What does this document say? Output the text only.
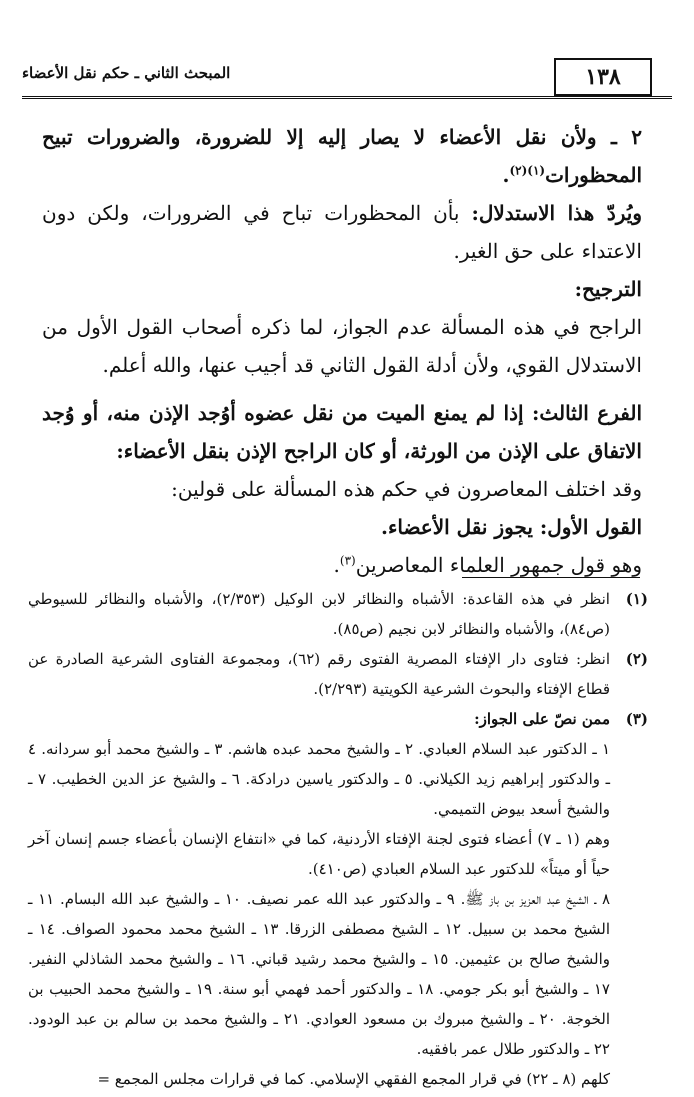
المبحث الثاني ـ حكم نقل الأعضاء	١٣٨

٢ ـ ولأن نقل الأعضاء لا يصار إليه إلا للضرورة، والضرورات تبيح المحظورات$^{(١)(٢)}$.

ويُردّ هذا الاستدلال: بأن المحظورات تباح في الضرورات، ولكن دون الاعتداء على حق الغير.

الترجيح:

الراجح في هذه المسألة عدم الجواز، لما ذكره أصحاب القول الأول من الاستدلال القوي، ولأن أدلة القول الثاني قد أجيب عنها، والله أعلم.

الفرع الثالث: إذا لم يمنع الميت من نقل عضوه أوُجد الإذن منه، أو وُجد الاتفاق على الإذن من الورثة، أو كان الراجح الإذن بنقل الأعضاء:

وقد اختلف المعاصرون في حكم هذه المسألة على قولين:

القول الأول: يجوز نقل الأعضاء.

وهو قول جمهور العلماء المعاصرين$^{(٣)}$.

(١)

انظر في هذه القاعدة: الأشباه والنظائر لابن الوكيل (٢/٣٥٣)، والأشباه والنظائر للسيوطي (ص٨٤)، والأشباه والنظائر لابن نجيم (ص٨٥).

(٢)

انظر: فتاوى دار الإفتاء المصرية الفتوى رقم (٦٢)، ومجموعة الفتاوى الشرعية الصادرة عن قطاع الإفتاء والبحوث الشرعية الكويتية (٢/٢٩٣).

(٣)

ممن نصّ على الجواز:

١ ـ الدكتور عبد السلام العبادي. ٢ ـ والشيخ محمد عبده هاشم. ٣ ـ والشيخ محمد أبو سردانه. ٤ ـ والدكتور إبراهيم زيد الكيلاني. ٥ ـ والدكتور ياسين درادكة. ٦ ـ والشيخ عز الدين الخطيب. ٧ ـ والشيخ أسعد بيوض التميمي.

وهم (١ ـ ٧) أعضاء فتوى لجنة الإفتاء الأردنية، كما في «انتفاع الإنسان بأعضاء جسم إنسان آخر حياً أو ميتاً» للدكتور عبد السلام العبادي (ص٤١٠).

٨ ـ الشيخ عبد العزيز بن باز ﷺ. ٩ ـ والدكتور عبد الله عمر نصيف. ١٠ ـ والشيخ عبد الله البسام. ١١ ـ الشيخ محمد بن سبيل. ١٢ ـ الشيخ مصطفى الزرقا. ١٣ ـ الشيخ محمد محمود الصواف. ١٤ ـ والشيخ صالح بن عثيمين. ١٥ ـ والشيخ محمد رشيد قباني. ١٦ ـ والشيخ محمد الشاذلي النفير. ١٧ ـ والشيخ أبو بكر جومي. ١٨ ـ والدكتور أحمد فهمي أبو سنة. ١٩ ـ والشيخ محمد الحبيب بن الخوجة. ٢٠ ـ والشيخ مبروك بن مسعود العوادي. ٢١ ـ والشيخ محمد بن سالم بن عبد الودود. ٢٢ ـ والدكتور طلال عمر بافقيه.

كلهم (٨ ـ ٢٢) في قرار المجمع الفقهي الإسلامي. كما في قرارات مجلس المجمع =
